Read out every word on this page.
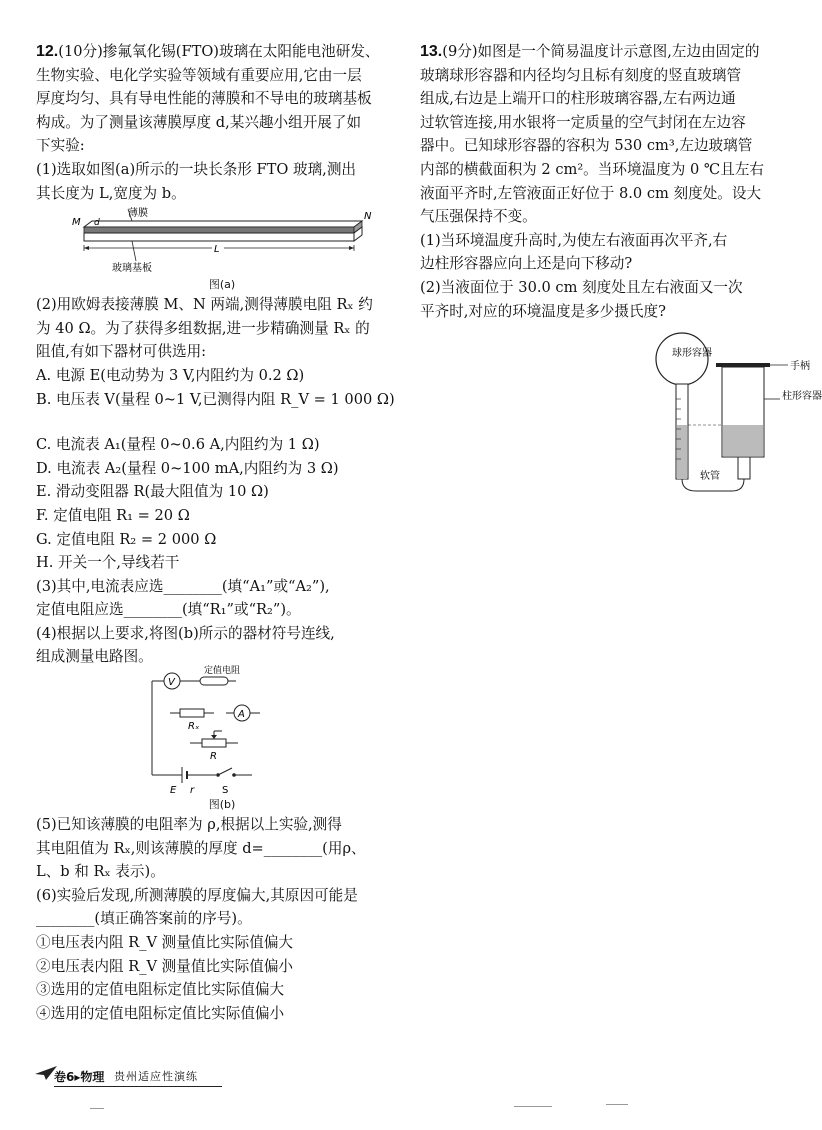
12.(10分)掺氟氧化锡(FTO)玻璃在太阳能电池研发、

生物实验、电化学实验等领域有重要应用,它由一层

厚度均匀、具有导电性能的薄膜和不导电的玻璃基板

构成。为了测量该薄膜厚度 d,某兴趣小组开展了如

下实验:

(1)选取如图(a)所示的一块长条形 FTO 玻璃,测出

其长度为 L,宽度为 b。

薄膜
M d
N
L
玻璃基板
图(a)

(2)用欧姆表接薄膜 M、N 两端,测得薄膜电阻 Rₓ 约

为 40 Ω。为了获得多组数据,进一步精确测量 Rₓ 的

阻值,有如下器材可供选用:

A. 电源 E(电动势为 3 V,内阻约为 0.2 Ω)

B. 电压表 V(量程 0~1 V,已测得内阻 R_V = 1 000 Ω)

C. 电流表 A₁(量程 0~0.6 A,内阻约为 1 Ω)

D. 电流表 A₂(量程 0~100 mA,内阻约为 3 Ω)

E. 滑动变阻器 R(最大阻值为 10 Ω)

F. 定值电阻 R₁ = 20 Ω

G. 定值电阻 R₂ = 2 000 Ω

H. 开关一个,导线若干

(3)其中,电流表应选________(填“A₁”或“A₂”),

定值电阻应选________(填“R₁”或“R₂”)。

(4)根据以上要求,将图(b)所示的器材符号连线,

组成测量电路图。

V
定值电阻
Rₓ
A
R
E r	S
图(b)

(5)已知该薄膜的电阻率为 ρ,根据以上实验,测得

其电阻值为 Rₓ,则该薄膜的厚度 d=________(用ρ、

L、b 和 Rₓ 表示)。

(6)实验后发现,所测薄膜的厚度偏大,其原因可能是

________(填正确答案前的序号)。

①电压表内阻 R_V 测量值比实际值偏大

②电压表内阻 R_V 测量值比实际值偏小

③选用的定值电阻标定值比实际值偏大

④选用的定值电阻标定值比实际值偏小

13.(9分)如图是一个简易温度计示意图,左边由固定的

玻璃球形容器和内径均匀且标有刻度的竖直玻璃管

组成,右边是上端开口的柱形玻璃容器,左右两边通

过软管连接,用水银将一定质量的空气封闭在左边容

器中。已知球形容器的容积为 530 cm³,左边玻璃管

内部的横截面积为 2 cm²。当环境温度为 0 ℃且左右

液面平齐时,左管液面正好位于 8.0 cm 刻度处。设大

气压强保持不变。

(1)当环境温度升高时,为使左右液面再次平齐,右

边柱形容器应向上还是向下移动?

(2)当液面位于 30.0 cm 刻度处且左右液面又一次

平齐时,对应的环境温度是多少摄氏度?

球形容器
软管
手柄
柱形容器
卷6▸物理 贵州适应性演练
